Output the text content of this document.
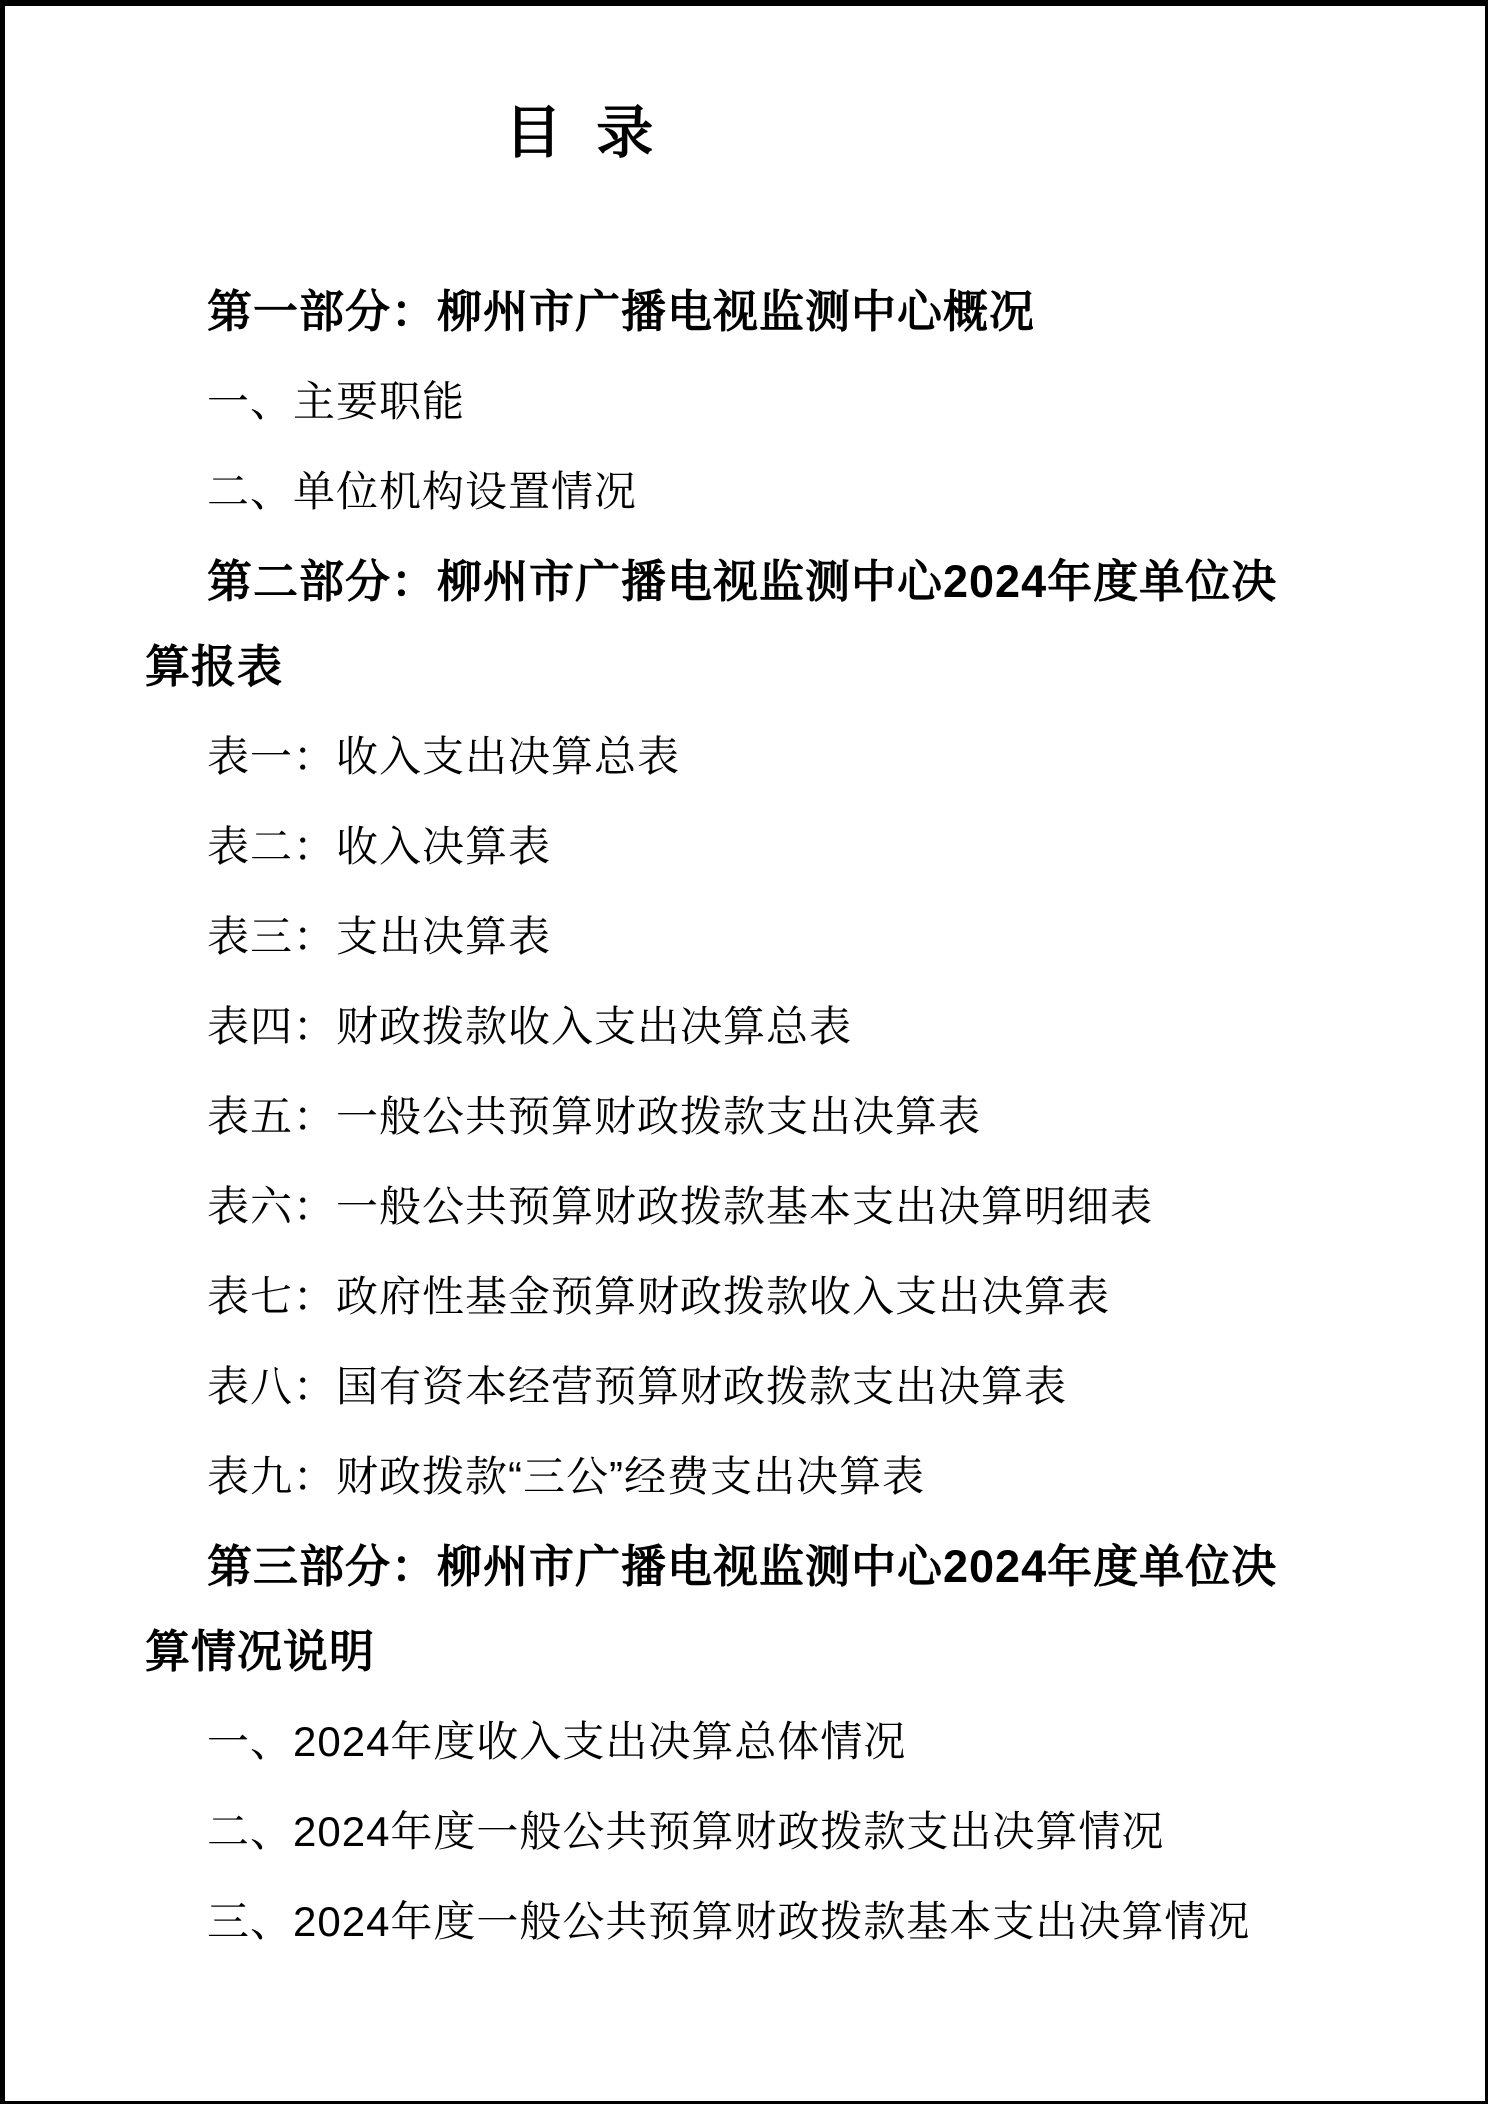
目  录

第一部分：柳州市广播电视监测中心概况

一、主要职能

二、单位机构设置情况

第二部分：柳州市广播电视监测中心2024年度单位决算报表

表一：收入支出决算总表

表二：收入决算表

表三：支出决算表

表四：财政拨款收入支出决算总表

表五：一般公共预算财政拨款支出决算表

表六：一般公共预算财政拨款基本支出决算明细表

表七：政府性基金预算财政拨款收入支出决算表

表八：国有资本经营预算财政拨款支出决算表

表九：财政拨款“三公”经费支出决算表

第三部分：柳州市广播电视监测中心2024年度单位决算情况说明

一、2024年度收入支出决算总体情况

二、2024年度一般公共预算财政拨款支出决算情况

三、2024年度一般公共预算财政拨款基本支出决算情况
